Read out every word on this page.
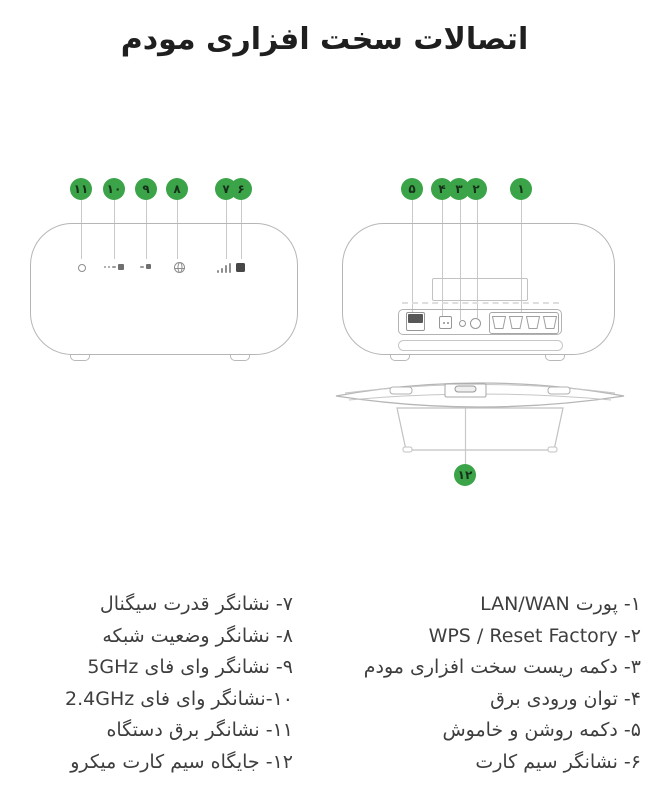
اتصالات سخت افزاری مودم
۱۱	۱۰	۹	۸	۶
۷	۵	۲
۳
۴	۱
۱۲
۱- پورت LAN/WAN
۲- WPS / Reset Factory
۳- دکمه ریست سخت افزاری مودم
۴- توان ورودی برق
۵- دکمه روشن و خاموش
۶- نشانگر سیم کارت
۷- نشانگر قدرت سیگنال
۸- نشانگر وضعیت شبکه
۹- نشانگر وای فای 5GHz
۱۰-نشانگر وای فای 2.4GHz
۱۱- نشانگر برق دستگاه
۱۲- جایگاه سیم کارت میکرو
